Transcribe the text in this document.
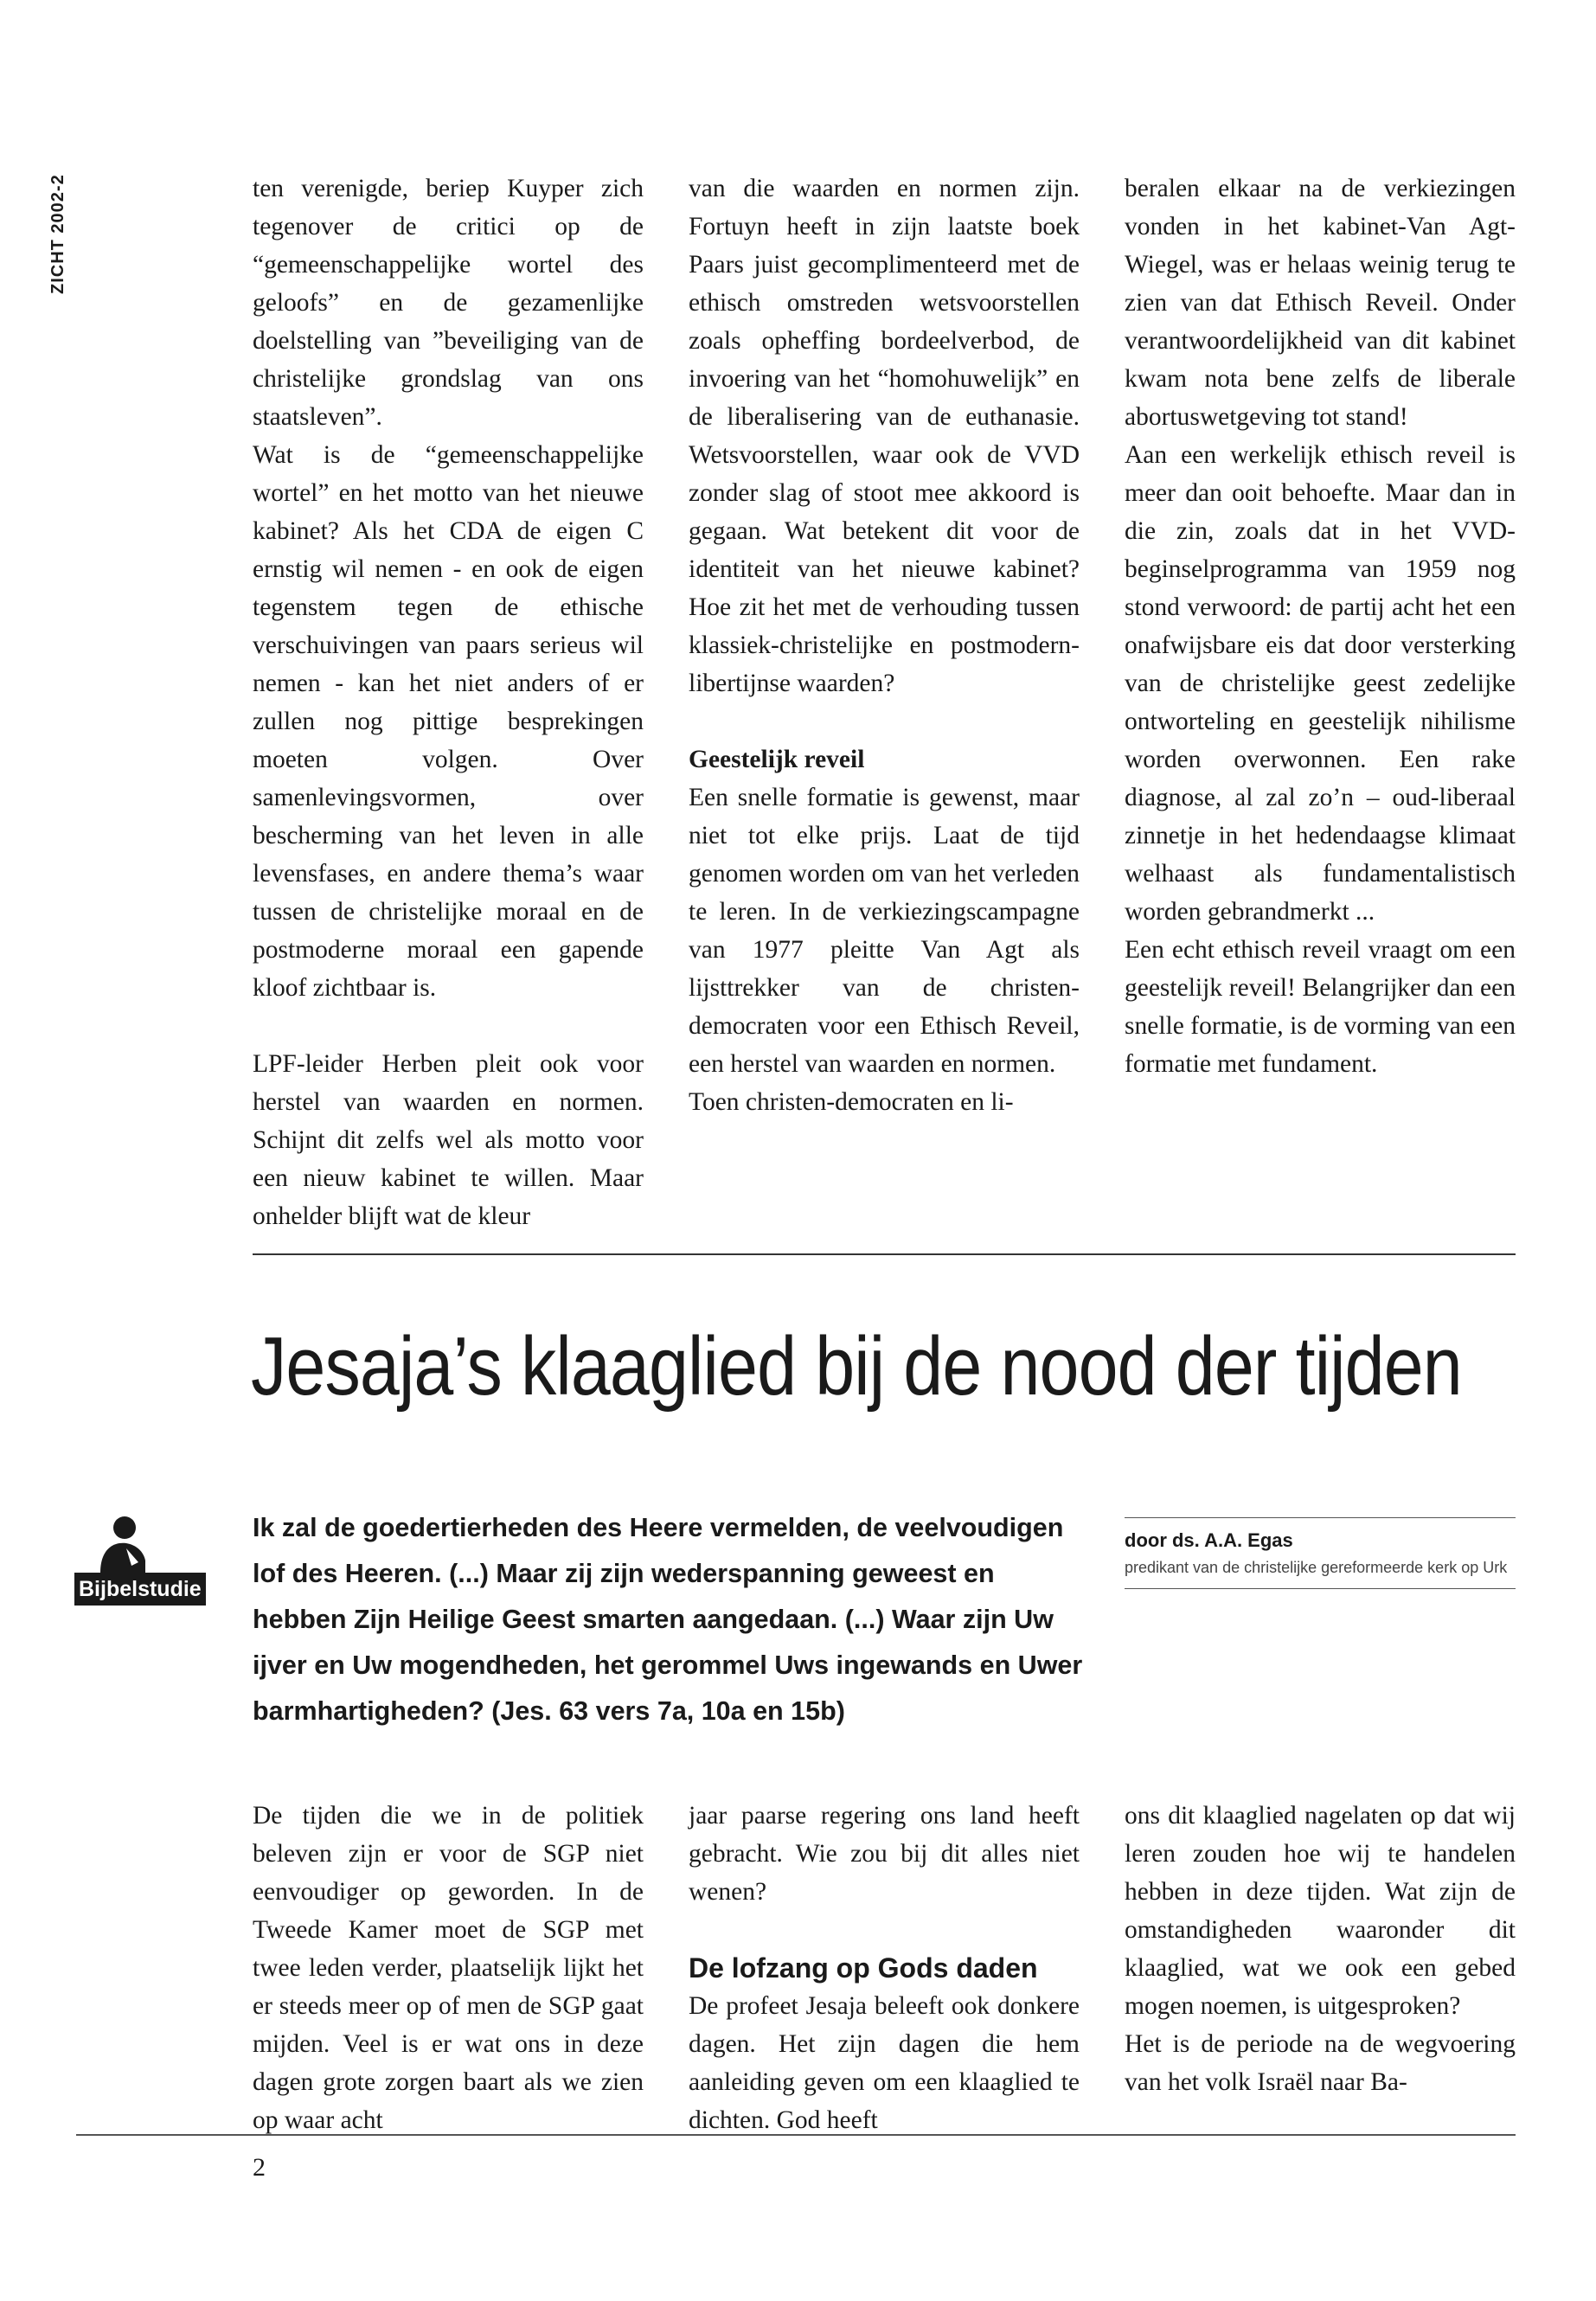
ZICHT 2002-2	ten verenigde, beriep Kuyper zich tegenover de critici op de “gemeenschappelijke wortel des geloofs” en de gezamenlijke doelstelling van ”beveiliging van de christelijke grondslag van ons staatsleven”.

Wat is de “gemeenschappelijke wortel” en het motto van het nieuwe kabinet? Als het CDA de eigen C ernstig wil nemen - en ook de eigen tegenstem tegen de ethische verschuivingen van paars serieus wil nemen - kan het niet anders of er zullen nog pittige besprekingen moeten volgen. Over samenlevingsvormen, over bescherming van het leven in alle levensfases, en andere thema’s waar tussen de christelijke moraal en de postmoderne moraal een gapende kloof zichtbaar is.

LPF-leider Herben pleit ook voor herstel van waarden en normen. Schijnt dit zelfs wel als motto voor een nieuw kabinet te willen. Maar onhelder blijft wat de kleur

van die waarden en normen zijn. Fortuyn heeft in zijn laatste boek Paars juist gecomplimenteerd met de ethisch omstreden wetsvoorstellen zoals opheffing bordeelverbod, de invoering van het “homohuwelijk” en de liberalisering van de euthanasie. Wetsvoorstellen, waar ook de VVD zonder slag of stoot mee akkoord is gegaan. Wat betekent dit voor de identiteit van het nieuwe kabinet? Hoe zit het met de verhouding tussen klassiek-christelijke en postmodern-libertijnse waarden?

Geestelijk reveil

Een snelle formatie is gewenst, maar niet tot elke prijs. Laat de tijd genomen worden om van het verleden te leren. In de verkiezingscampagne van 1977 pleitte Van Agt als lijsttrekker van de christen-democraten voor een Ethisch Reveil, een herstel van waarden en normen.

Toen christen-democraten en li-

beralen elkaar na de verkiezingen vonden in het kabinet-Van Agt-Wiegel, was er helaas weinig terug te zien van dat Ethisch Reveil. Onder verantwoordelijkheid van dit kabinet kwam nota bene zelfs de liberale abortuswetgeving tot stand!

Aan een werkelijk ethisch reveil is meer dan ooit behoefte. Maar dan in die zin, zoals dat in het VVD-beginselprogramma van 1959 nog stond verwoord: de partij acht het een onafwijsbare eis dat door versterking van de christelijke geest zedelijke ontworteling en geestelijk nihilisme worden overwonnen. Een rake diagnose, al zal zo’n – oud-liberaal zinnetje in het hedendaagse klimaat welhaast als fundamentalistisch worden gebrandmerkt ...

Een echt ethisch reveil vraagt om een geestelijk reveil! Belangrijker dan een snelle formatie, is de vorming van een formatie met fundament.

Jesaja’s klaaglied bij de nood der tijden
Bijbelstudie
Ik zal de goedertierheden des Heere vermelden, de veelvoudigen lof des Heeren. (...) Maar zij zijn wederspanning geweest en hebben Zijn Heilige Geest smarten aangedaan. (...) Waar zijn Uw ijver en Uw mogendheden, het gerommel Uws ingewands en Uwer barmhartigheden? (Jes. 63 vers 7a, 10a en 15b)
door ds. A.A. Egas
predikant van de christelijke gereformeerde kerk op Urk

De tijden die we in de politiek beleven zijn er voor de SGP niet eenvoudiger op geworden. In de Tweede Kamer moet de SGP met twee leden verder, plaatselijk lijkt het er steeds meer op of men de SGP gaat mijden. Veel is er wat ons in deze dagen grote zorgen baart als we zien op waar acht

jaar paarse regering ons land heeft gebracht. Wie zou bij dit alles niet wenen?

De lofzang op Gods daden

De profeet Jesaja beleeft ook donkere dagen. Het zijn dagen die hem aanleiding geven om een klaaglied te dichten. God heeft

ons dit klaaglied nagelaten op dat wij leren zouden hoe wij te handelen hebben in deze tijden. Wat zijn de omstandigheden waaronder dit klaaglied, wat we ook een gebed mogen noemen, is uitgesproken?

Het is de periode na de wegvoering van het volk Israël naar Ba-

2
